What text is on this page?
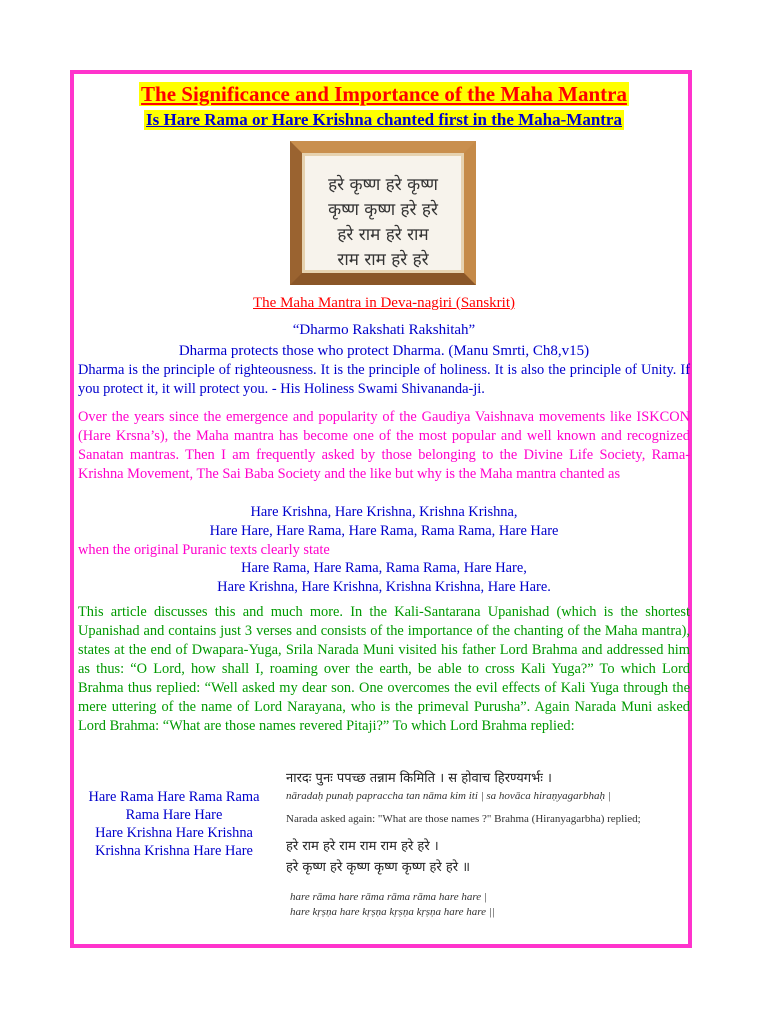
The Significance and Importance of the Maha Mantra
Is Hare Rama or Hare Krishna chanted first in the Maha-Mantra
हरे कृष्ण हरे कृष्ण
कृष्ण कृष्ण हरे हरे
हरे राम हरे राम
राम राम हरे हरे
The Maha Mantra in Deva-nagiri (Sanskrit)
“Dharmo Rakshati Rakshitah”
Dharma protects those who protect Dharma. (Manu Smrti, Ch8,v15)

Dharma is the principle of righteousness. It is the principle of holiness. It is also the principle of Unity. If you protect it, it will protect you. - His Holiness Swami Shivananda-ji.

Over the years since the emergence and popularity of the Gaudiya Vaishnava movements like ISKCON (Hare Krsna’s), the Maha mantra has become one of the most popular and well known and recognized Sanatan mantras. Then I am frequently asked by those belonging to the Divine Life Society, Rama-Krishna Movement, The Sai Baba Society and the like but why is the Maha mantra chanted as

Hare Krishna, Hare Krishna, Krishna Krishna,
Hare Hare, Hare Rama, Hare Rama, Rama Rama, Hare Hare
when the original Puranic texts clearly state
Hare Rama, Hare Rama, Rama Rama, Hare Hare,
Hare Krishna, Hare Krishna, Krishna Krishna, Hare Hare.

This article discusses this and much more. In the Kali-Santarana Upanishad (which is the shortest Upanishad and contains just 3 verses and consists of the importance of the chanting of the Maha mantra), states at the end of Dwapara-Yuga, Srila Narada Muni visited his father Lord Brahma and addressed him as thus: “O Lord, how shall I, roaming over the earth, be able to cross Kali Yuga?” To which Lord Brahma thus replied: “Well asked my dear son. One overcomes the evil effects of Kali Yuga through the mere uttering of the name of Lord Narayana, who is the primeval Purusha”. Again Narada Muni asked Lord Brahma: “What are those names revered Pitaji?” To which Lord Brahma replied:

Hare Rama Hare Rama Rama
Rama Hare Hare
Hare Krishna Hare Krishna
Krishna Krishna Hare Hare
नारदः पुनः पपच्छ तन्नाम किमिति । स होवाच हिरण्यगर्भः ।
nāradaḥ punaḥ papraccha tan nāma kim iti | sa hovāca hiraṇyagarbhaḥ |
Narada asked again: "What are those names ?" Brahma (Hiranyagarbha) replied;
हरे राम हरे राम राम राम हरे हरे ।
हरे कृष्ण हरे कृष्ण कृष्ण कृष्ण हरे हरे ॥
hare rāma hare rāma rāma rāma hare hare |
hare kṛṣṇa hare kṛṣṇa kṛṣṇa kṛṣṇa hare hare ||
